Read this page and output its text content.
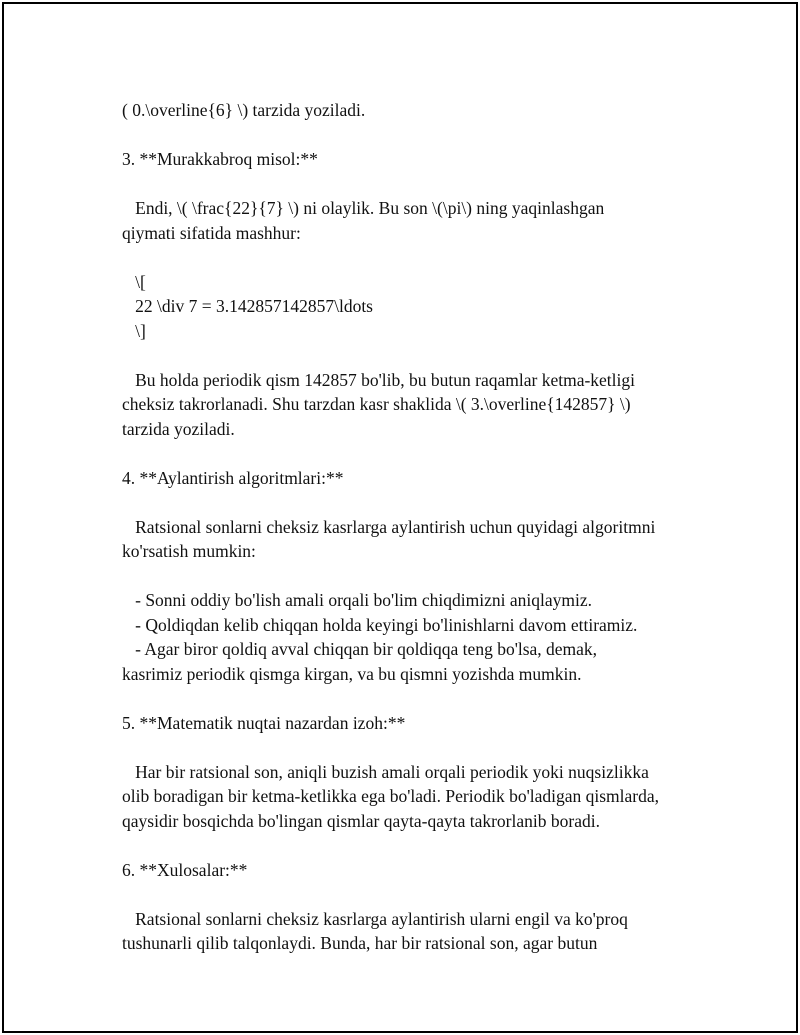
( 0.\overline{6} \) tarzida yoziladi.
3. **Murakkabroq misol:**
Endi, \( \frac{22}{7} \) ni olaylik. Bu son \(\pi\) ning yaqinlashgan
qiymati sifatida mashhur:
\[
22 \div 7 = 3.142857142857\ldots
\]
Bu holda periodik qism 142857 bo'lib, bu butun raqamlar ketma-ketligi
cheksiz takrorlanadi. Shu tarzdan kasr shaklida \( 3.\overline{142857} \)
tarzida yoziladi.
4. **Aylantirish algoritmlari:**
Ratsional sonlarni cheksiz kasrlarga aylantirish uchun quyidagi algoritmni
ko'rsatish mumkin:
- Sonni oddiy bo'lish amali orqali bo'lim chiqdimizni aniqlaymiz.
- Qoldiqdan kelib chiqqan holda keyingi bo'linishlarni davom ettiramiz.
- Agar biror qoldiq avval chiqqan bir qoldiqqa teng bo'lsa, demak,
kasrimiz periodik qismga kirgan, va bu qismni yozishda mumkin.
5. **Matematik nuqtai nazardan izoh:**
Har bir ratsional son, aniqli buzish amali orqali periodik yoki nuqsizlikka
olib boradigan bir ketma-ketlikka ega bo'ladi. Periodik bo'ladigan qismlarda,
qaysidir bosqichda bo'lingan qismlar qayta-qayta takrorlanib boradi.
6. **Xulosalar:**
Ratsional sonlarni cheksiz kasrlarga aylantirish ularni engil va ko'proq
tushunarli qilib talqonlaydi. Bunda, har bir ratsional son, agar butun
